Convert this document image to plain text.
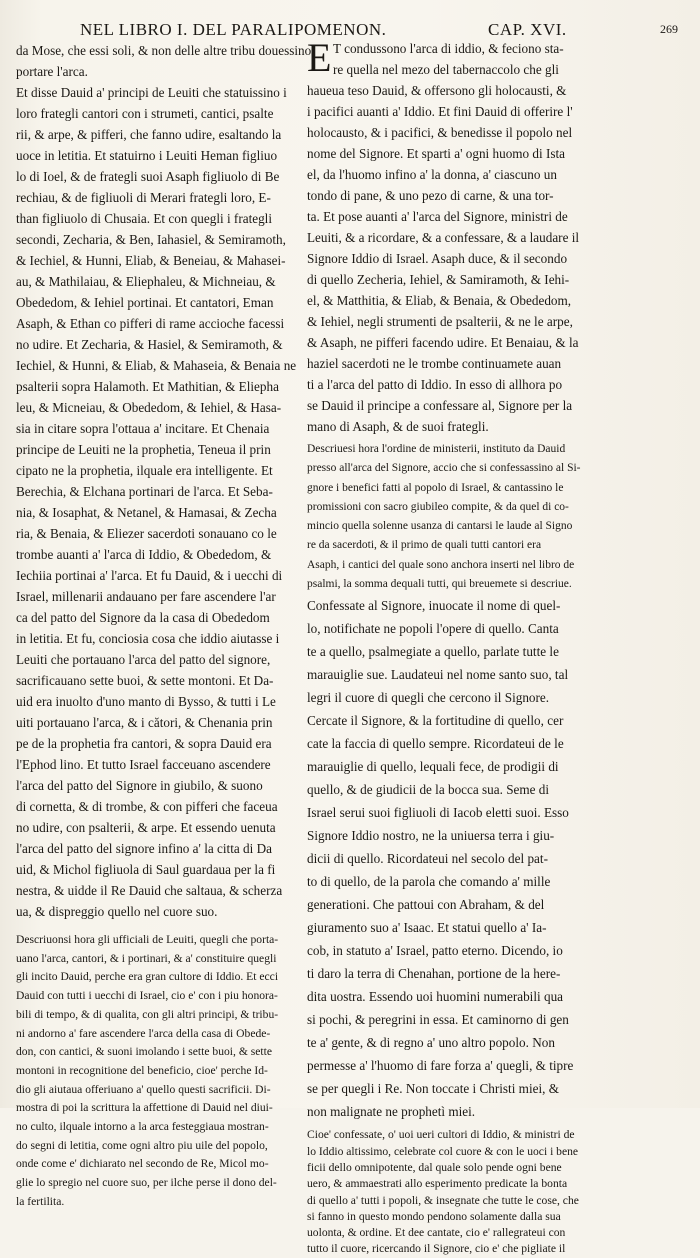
NEL LIBRO I. DEL PARALIPOMENON.	CAP. XVI.	269
da Mose, che essi soli, & non delle altre tribu douessino
portare l'arca.
Et disse Dauid a' principi de Leuiti che statuissino i
loro frategli cantori con i strumeti, cantici, psalte
rii, & arpe, & pifferi, che fanno udire, esaltando la
uoce in letitia. Et statuirno i Leuiti Heman figliuo
lo di Ioel, & de frategli suoi Asaph figliuolo di Be
rechiau, & de figliuoli di Merari frategli loro, E-
than figliuolo di Chusaia. Et con quegli i frategli
secondi, Zecharia, & Ben, Iahasiel, & Semiramoth,
& Iechiel, & Hunni, Eliab, & Beneiau, & Mahasei-
au, & Mathilaiau, & Eliephaleu, & Michneiau, &
Obededom, & Iehiel portinai. Et cantatori, Eman
Asaph, & Ethan co pifferi di rame accioche facessi
no udire. Et Zecharia, & Hasiel, & Semiramoth, &
Iechiel, & Hunni, & Eliab, & Mahaseia, & Benaia ne
psalterii sopra Halamoth. Et Mathitian, & Eliepha
leu, & Micneiau, & Obededom, & Iehiel, & Hasa-
sia in citare sopra l'ottaua a' incitare. Et Chenaia
principe de Leuiti ne la prophetia, Teneua il prin
cipato ne la prophetia, ilquale era intelligente. Et
Berechia, & Elchana portinari de l'arca. Et Seba-
nia, & Iosaphat, & Netanel, & Hamasai, & Zecha
ria, & Benaia, & Eliezer sacerdoti sonauano co le
trombe auanti a' l'arca di Iddio, & Obededom, &
Iechiia portinai a' l'arca. Et fu Dauid, & i uecchi di
Israel, millenarii andauano per fare ascendere l'ar
ca del patto del Signore da la casa di Obededom
in letitia. Et fu, conciosia cosa che iddio aiutasse i
Leuiti che portauano l'arca del patto del signore,
sacrificauano sette buoi, & sette montoni. Et Da-
uid era inuolto d'uno manto di Bysso, & tutti i Le
uiti portauano l'arca, & i cători, & Chenania prin
pe de la prophetia fra cantori, & sopra Dauid era
l'Ephod lino. Et tutto Israel facceuano ascendere
l'arca del patto del Signore in giubilo, & suono
di cornetta, & di trombe, & con pifferi che faceua
no udire, con psalterii, & arpe. Et essendo uenuta
l'arca del patto del signore infino a' la citta di Da
uid, & Michol figliuola di Saul guardaua per la fi
nestra, & uidde il Re Dauid che saltaua, & scherza
ua, & dispreggio quello nel cuore suo.
Descriuonsi hora gli ufficiali de Leuiti, quegli che porta-
uano l'arca, cantori, & i portinari, & a' constituire quegli
gli incito Dauid, perche era gran cultore di Iddio. Et ecci
Dauid con tutti i uecchi di Israel, cio e' con i piu honora-
bili di tempo, & di qualita, con gli altri principi, & tribu-
ni andorno a' fare ascendere l'arca della casa di Obede-
don, con cantici, & suoni imolando i sette buoi, & sette
montoni in recognitione del beneficio, cioe' perche Id-
dio gli aiutaua offeriuano a' quello questi sacrificii. Di-
mostra di poi la scrittura la affettione di Dauid nel diui-
no culto, ilquale intorno a la arca festeggiaua mostran-
do segni di letitia, come ogni altro piu uile del popolo,
onde come e' dichiarato nel secondo de Re, Micol mo-
glie lo spregio nel cuore suo, per ilche perse il dono del-
la fertilita.
E T condussono l'arca di iddio, & feciono sta-
re quella nel mezo del tabernaccolo che gli
haueua teso Dauid, & offersono gli holocausti, &
i pacifici auanti a' Iddio. Et fini Dauid di offerire l'
holocausto, & i pacifici, & benedisse il popolo nel
nome del Signore. Et sparti a' ogni huomo di Ista
el, da l'huomo infino a' la donna, a' ciascuno un
tondo di pane, & uno pezo di carne, & una tor-
ta. Et pose auanti a' l'arca del Signore, ministri de
Leuiti, & a ricordare, & a confessare, & a laudare il
Signore Iddio di Israel. Asaph duce, & il secondo
di quello Zecheria, Iehiel, & Samiramoth, & Iehi-
el, & Matthitia, & Eliab, & Benaia, & Obededom,
& Iehiel, negli strumenti de psalterii, & ne le arpe,
& Asaph, ne pifferi facendo udire. Et Benaiau, & la
haziel sacerdoti ne le trombe continuamete auan
ti a l'arca del patto di Iddio. In esso di allhora po
se Dauid il principe a confessare al, Signore per la
mano di Asaph, & de suoi frategli.
Descriuesi hora l'ordine de ministerii, instituto da Dauid
presso all'arca del Signore, accio che si confessassino al Si-
gnore i benefici fatti al popolo di Israel, & cantassino le
promissioni con sacro giubileo compite, & da quel di co-
mincio quella solenne usanza di cantarsi le laude al Signo
re da sacerdoti, & il primo de quali tutti cantori era
Asaph, i cantici del quale sono anchora inserti nel libro de
psalmi, la somma dequali tutti, qui breuemete si descriue.
Confessate al Signore, inuocate il nome di quel-
lo, notifichate ne popoli l'opere di quello. Canta
te a quello, psalmegiate a quello, parlate tutte le
marauiglie sue. Laudateui nel nome santo suo, tal
legri il cuore di quegli che cercono il Signore.
Cercate il Signore, & la fortitudine di quello, cer
cate la faccia di quello sempre. Ricordateui de le
marauiglie di quello, lequali fece, de prodigii di
quello, & de giudicii de la bocca sua. Seme di
Israel serui suoi figliuoli di Iacob eletti suoi. Esso
Signore Iddio nostro, ne la uniuersa terra i giu-
dicii di quello. Ricordateui nel secolo del pat-
to di quello, de la parola che comando a' mille
generationi. Che pattoui con Abraham, & del
giuramento suo a' Isaac. Et statui quello a' Ia-
cob, in statuto a' Israel, patto eterno. Dicendo, io
ti daro la terra di Chenahan, portione de la here-
dita uostra. Essendo uoi huomini numerabili qua
si pochi, & peregrini in essa. Et caminorno di gen
te a' gente, & di regno a' uno altro popolo. Non
permesse a' l'huomo di fare forza a' quegli, & tipre
se per quegli i Re. Non toccate i Christi miei, &
non malignate ne prophetì miei.
Cioe' confessate, o' uoi ueri cultori di Iddio, & ministri de
lo Iddio altissimo, celebrate col cuore & con le uoci i bene
ficii dello omnipotente, dal quale solo pende ogni bene
uero, & ammaestrati allo esperimento predicate la bonta
di quello a' tutti i popoli, & insegnate che tutte le cose, che
si fanno in questo mondo pendono solamente dalla sua
uolonta, & ordine. Et dee cantate, cio e' rallegrateui con
tutto il cuore, ricercando il Signore, cio e' che pigliate il
